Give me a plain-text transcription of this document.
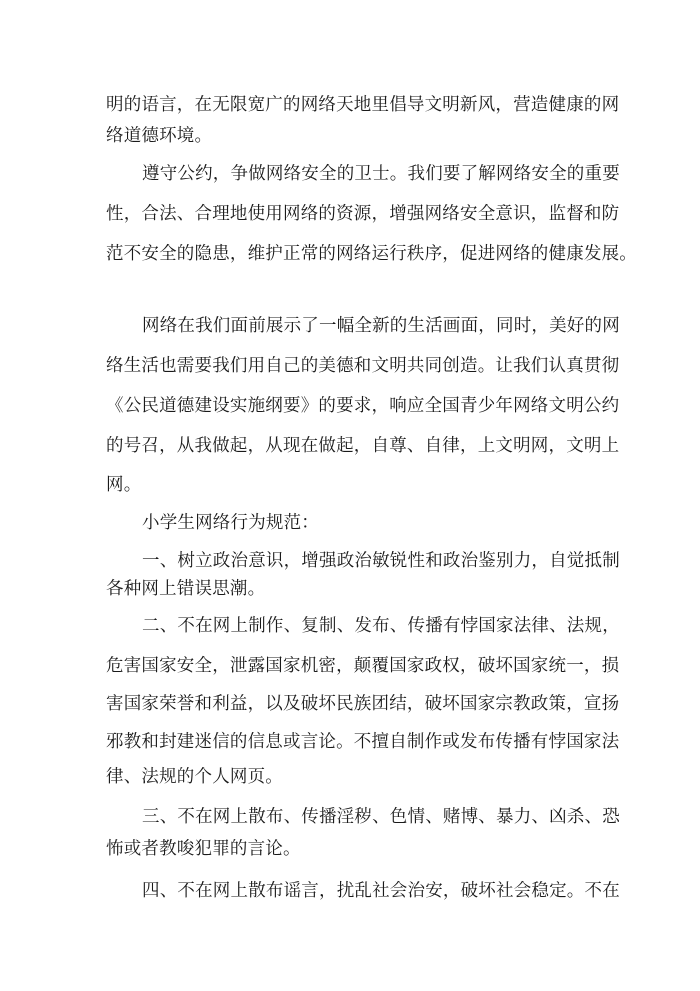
明的语言，在无限宽广的网络天地里倡导文明新风，营造健康的网
络道德环境。
遵守公约，争做网络安全的卫士。我们要了解网络安全的重要
性，合法、合理地使用网络的资源，增强网络安全意识，监督和防
范不安全的隐患，维护正常的网络运行秩序，促进网络的健康发展。
网络在我们面前展示了一幅全新的生活画面，同时，美好的网
络生活也需要我们用自己的美德和文明共同创造。让我们认真贯彻
《公民道德建设实施纲要》的要求，响应全国青少年网络文明公约
的号召，从我做起，从现在做起，自尊、自律，上文明网，文明上
网。
小学生网络行为规范：
一、树立政治意识，增强政治敏锐性和政治鉴别力，自觉抵制
各种网上错误思潮。
二、不在网上制作、复制、发布、传播有悖国家法律、法规，
危害国家安全，泄露国家机密，颠覆国家政权，破坏国家统一，损
害国家荣誉和利益，以及破坏民族团结，破坏国家宗教政策，宣扬
邪教和封建迷信的信息或言论。不擅自制作或发布传播有悖国家法
律、法规的个人网页。
三、不在网上散布、传播淫秽、色情、赌博、暴力、凶杀、恐
怖或者教唆犯罪的言论。
四、不在网上散布谣言，扰乱社会治安，破坏社会稳定。不在
